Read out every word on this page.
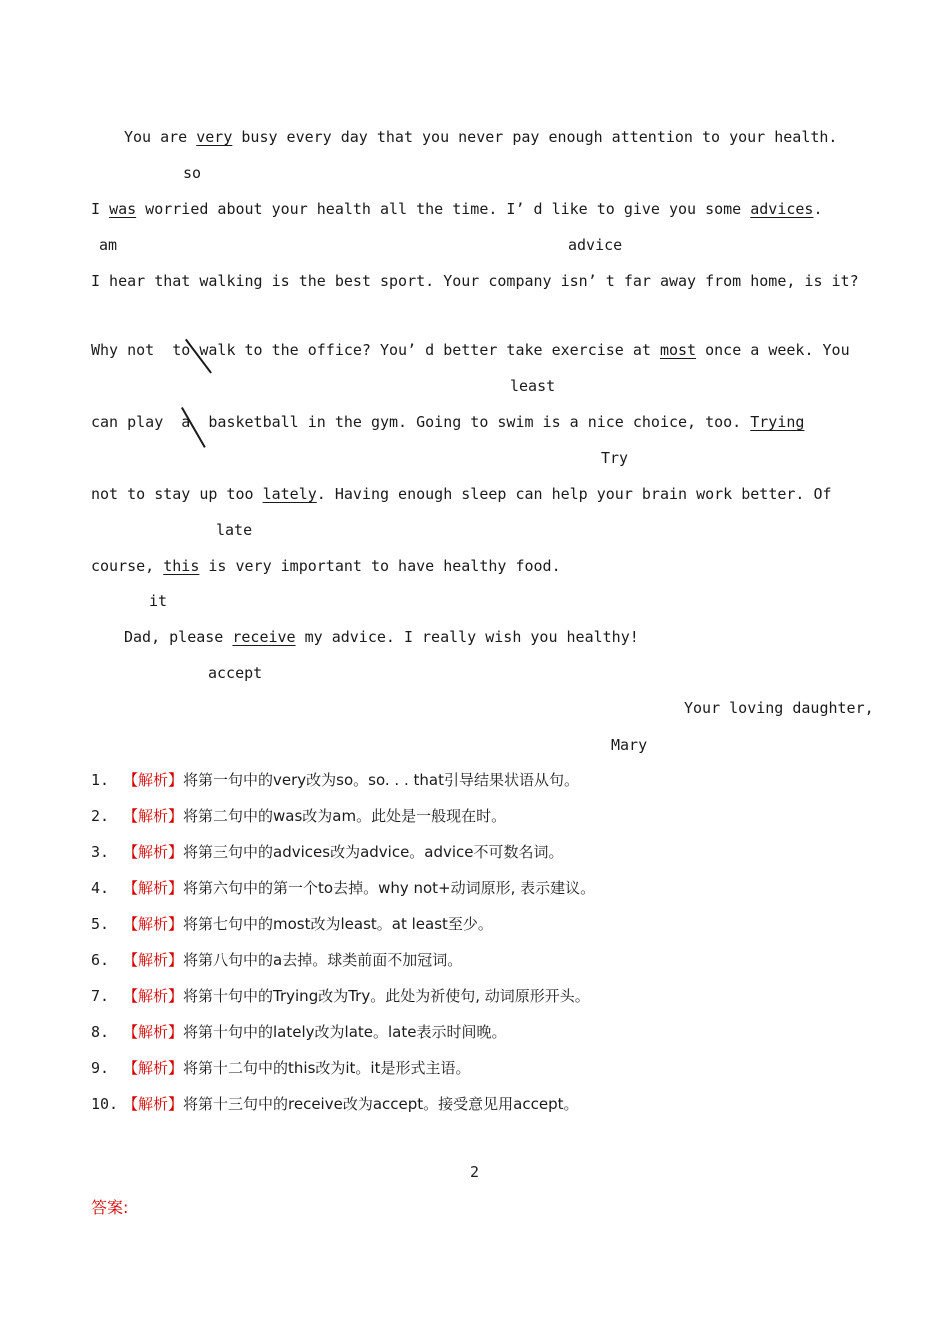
You are very busy every day that you never pay enough attention to your health.
so
I was worried about your health all the time. I’ d like to give you some advices.
am	advice
I hear that walking is the best sport. Your company isn’ t far away from home, is it?
Why not  to walk to the office? You’ d better take exercise at most once a week. You
least
can play  a  basketball in the gym. Going to swim is a nice choice, too. Trying
Try
not to stay up too lately. Having enough sleep can help your brain work better. Of
late
course, this is very important to have healthy food.
it
Dad, please receive my advice. I really wish you healthy!
accept
Your loving daughter,
Mary
1. 【解析】将第一句中的very改为so。so. . . that引导结果状语从句。
2. 【解析】将第二句中的was改为am。此处是一般现在时。
3. 【解析】将第三句中的advices改为advice。advice不可数名词。
4. 【解析】将第六句中的第一个to去掉。why not+动词原形, 表示建议。
5. 【解析】将第七句中的most改为least。at least至少。
6. 【解析】将第八句中的a去掉。球类前面不加冠词。
7. 【解析】将第十句中的Trying改为Try。此处为祈使句, 动词原形开头。
8. 【解析】将第十句中的lately改为late。late表示时间晚。
9. 【解析】将第十二句中的this改为it。it是形式主语。
10. 【解析】将第十三句中的receive改为accept。接受意见用accept。
2
答案:
